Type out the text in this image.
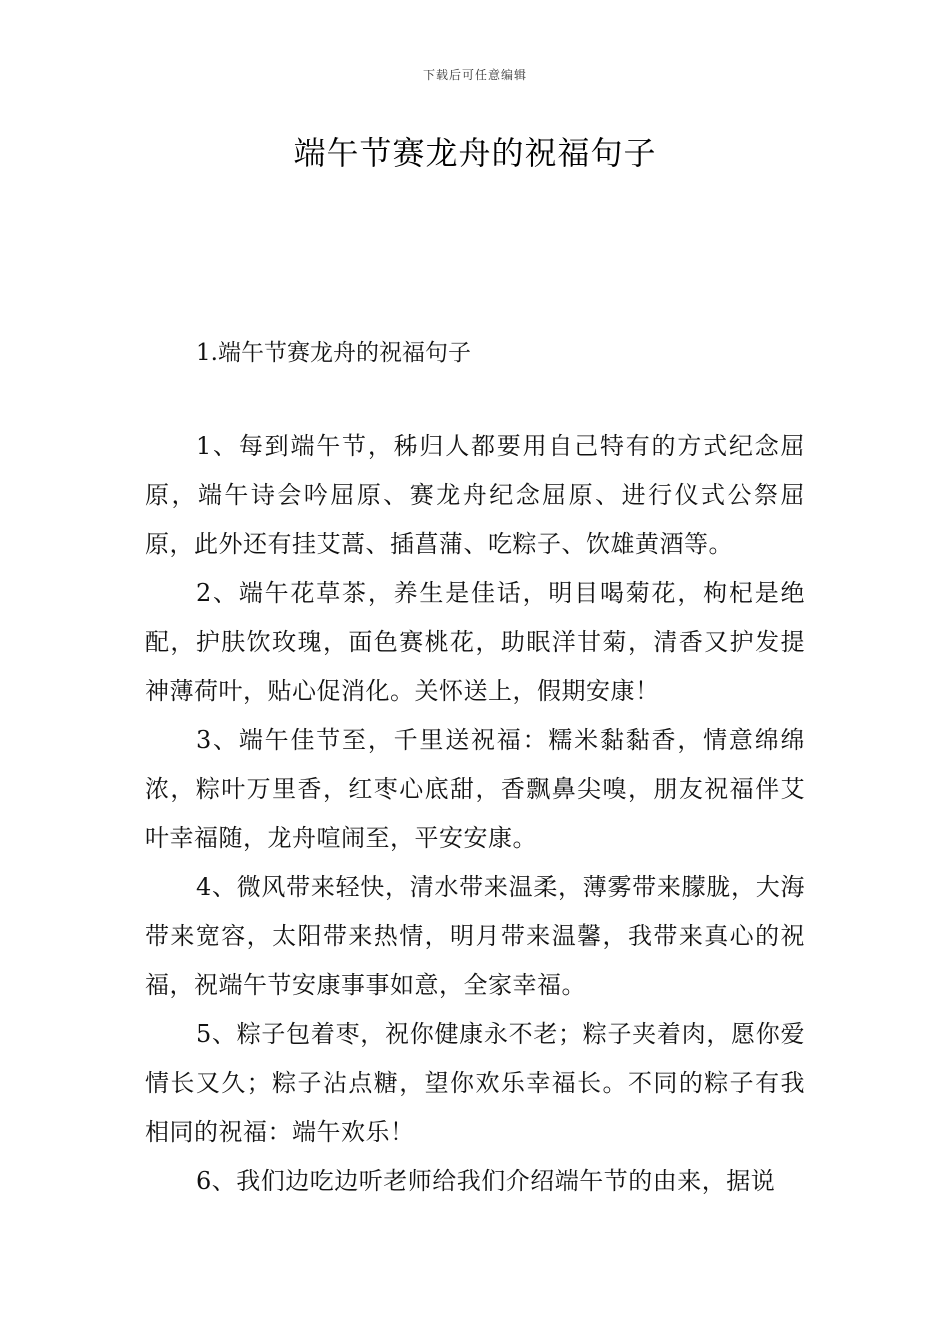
下载后可任意编辑
端午节赛龙舟的祝福句子
1.端午节赛龙舟的祝福句子

1、每到端午节，秭归人都要用自己特有的方式纪念屈原，端午诗会吟屈原、赛龙舟纪念屈原、进行仪式公祭屈原，此外还有挂艾蒿、插菖蒲、吃粽子、饮雄黄酒等。

2、端午花草茶，养生是佳话，明目喝菊花，枸杞是绝配，护肤饮玫瑰，面色赛桃花，助眠洋甘菊，清香又护发提神薄荷叶，贴心促消化。关怀送上，假期安康！

3、端午佳节至，千里送祝福：糯米黏黏香，情意绵绵浓，粽叶万里香，红枣心底甜，香飘鼻尖嗅，朋友祝福伴艾叶幸福随，龙舟喧闹至，平安安康。

4、微风带来轻快，清水带来温柔，薄雾带来朦胧，大海带来宽容，太阳带来热情，明月带来温馨，我带来真心的祝福，祝端午节安康事事如意，全家幸福。

5、粽子包着枣，祝你健康永不老；粽子夹着肉，愿你爱情长又久；粽子沾点糖，望你欢乐幸福长。不同的粽子有我相同的祝福：端午欢乐！

6、我们边吃边听老师给我们介绍端午节的由来，据说
